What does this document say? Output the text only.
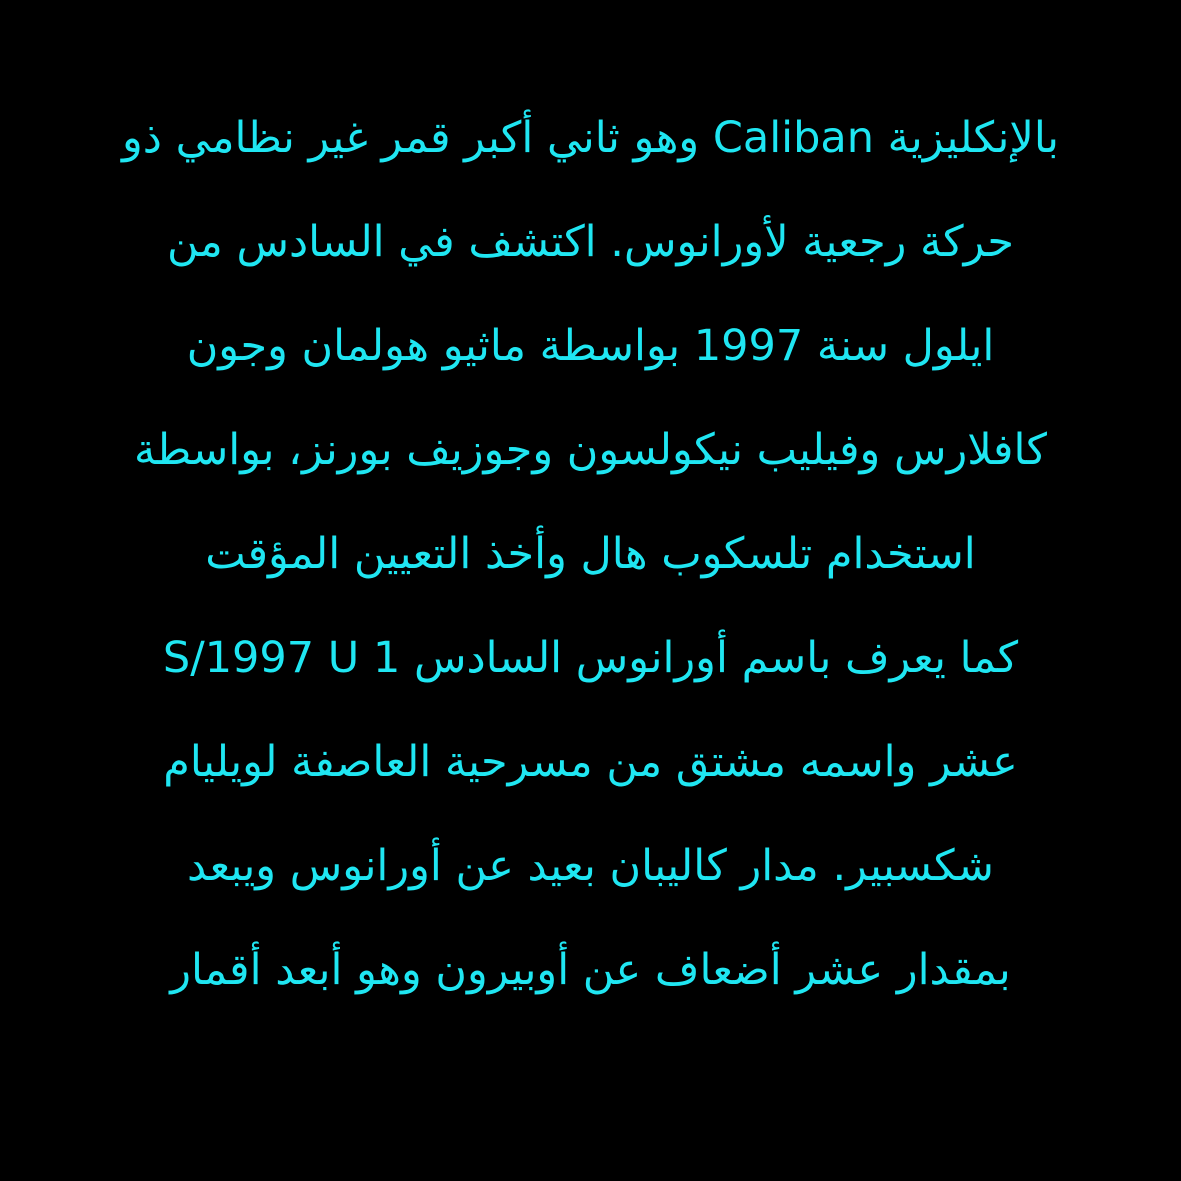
بالإنكليزية Caliban وهو ثاني أكبر قمر غير نظامي ذو
حركة رجعية لأورانوس. اكتشف في السادس من
ايلول سنة 1997 بواسطة ماثيو هولمان وجون
كافلارس وفيليب نيكولسون وجوزيف بورنز، بواسطة
استخدام تلسكوب هال وأخذ التعيين المؤقت
S/1997 U 1 كما يعرف باسم أورانوس السادس
عشر واسمه مشتق من مسرحية العاصفة لويليام
شكسبير. مدار كاليبان بعيد عن أورانوس ويبعد
بمقدار عشر أضعاف عن أوبيرون وهو أبعد أقمار
